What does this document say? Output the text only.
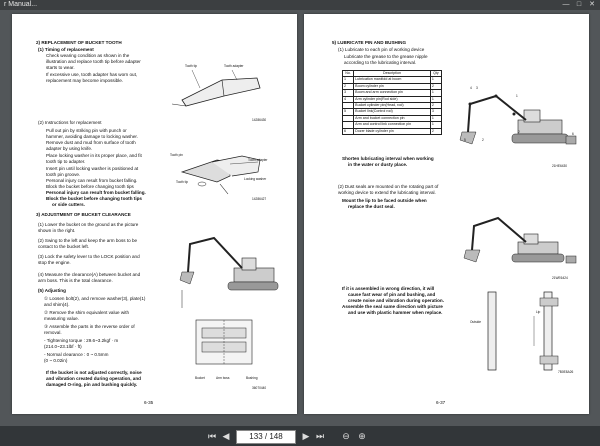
r Manual...	—	□	✕
2) REPLACEMENT OF BUCKET TOOTH
(1) Timing of replacement
Check wearing condition as shown in the
illustration and replace tooth tip before adapter
starts to wear.
If excessive use, tooth adapter has worn out,
replacement may become impossible.
Tooth tip	Tooth adapter
14286430
(2) Instructions for replacement
Pull out pin by striking pin with punch or
hammer, avoiding damage to locking washer.
Remove dust and mud from surface of tooth
adapter by using knife.
Place locking washer in its proper place, and fit
tooth tip to adapter.
Insert pin until locking washer is positioned at
tooth pin groove.
Personal injury can result from bucket falling.
Block the bucket before changing tooth tips
Personal injury can result from bucket falling.
Block the bucket before changing tooth tips
or side cutters.
Tooth pin
Tooth adapter
Tooth tip
Locking washer
14286427
3) ADJUSTMENT OF BUCKET CLEARANCE
(1) Lower the bucket on the ground as the picture
shown in the right.
(2) Swing to the left and keep the arm boss to be
contact to the bucket left.
(3) Lock the safety lever to the LOCK position and
stop the engine.
(4) Measure the clearance(A) between bucket and
arm boss. This is the total clearance.
(5) Adjusting
① Loosen bolt(2), and remove washer(3), plate(1)
and shim(4).
② Remove the shim equivalent value with
measuring value.
③ Assemble the parts in the reverse order of
removal.
- Tightening torque : 29.6~3.2kgf · m
(214.0~23.1lbf · ft)
- Normal clearance : 0 ~ 0.5mm
(0 ~ 0.02in)
If the bucket is not adjusted correctly, noise
and vibration created during operation, and
damaged O-ring, pin and bushing quickly.
Bucket	Arm boss	Bushing
36070440
6-35
5) LUBRICATE PIN AND BUSHING
(1) Lubricate to each pin of working device
Lubricate the grease to the grease nipple
according to the lubricating interval.
No.	Description	Qty
1	Lubrication manifold at boom	1
2	Boom cylinder pin	2
3	Boom and arm connection pin	1
4	Arm cylinder pin(Rod side)	1
	Bucket cylinder pin(Head, rod)	2
5	Bucket link(Control rod)	3
	Arm and bucket connection pin	1
	Arm and control link connection pin	1
6	Dozer blade cylinder pin	2
Shorten lubricating interval when working
in the water or dusty place.
4 3
1
2
5	2
6
21HE6430
(2) Dust seals are mounted on the rotating part of
working device to extend the lubricating interval.
Mount the lip to be faced outside when
replace the dust seal.
21WE6424
If it is assembled in wrong direction, it will
cause fast wear of pin and bushing, and
create noise and vibration during operation.
Assemble the seal same direction with picture
and use with plastic hammer when replace.
Outside
Lip
7B0E8A26
6-37
⏮ ◀	133 / 148	▶ ⏭ ⊖ ⊕
